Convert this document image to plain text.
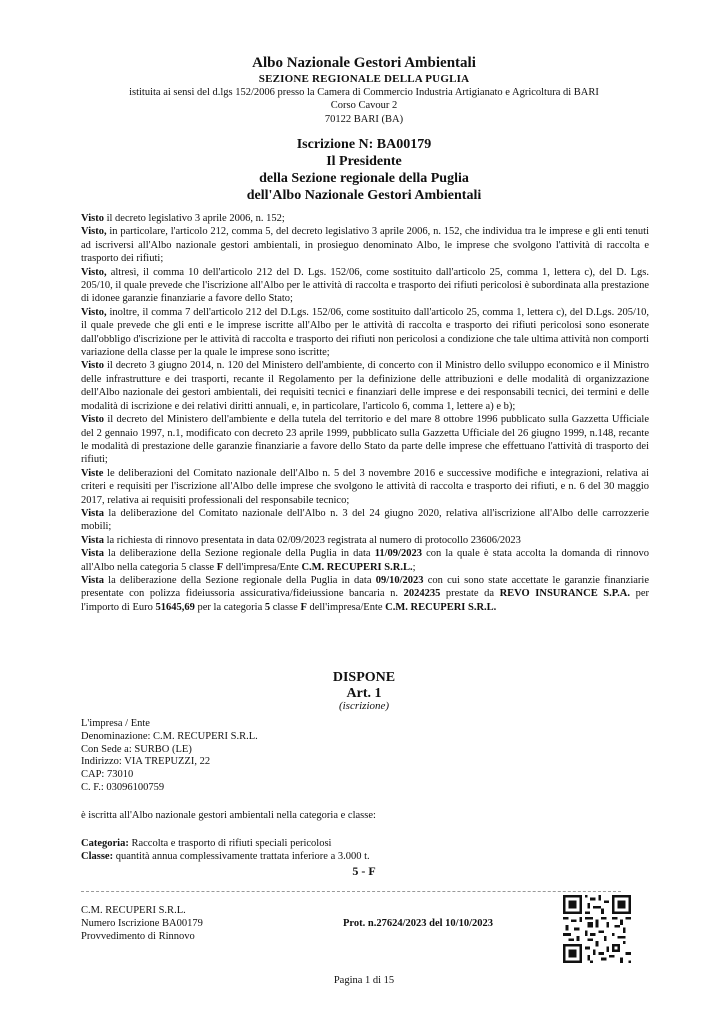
Albo Nazionale Gestori Ambientali
SEZIONE REGIONALE DELLA PUGLIA
istituita ai sensi del d.lgs 152/2006 presso la Camera di Commercio Industria Artigianato e Agricoltura di BARI
Corso Cavour 2
70122 BARI (BA)
Iscrizione N: BA00179
Il Presidente
della Sezione regionale della Puglia
dell'Albo Nazionale Gestori Ambientali

Visto il decreto legislativo 3 aprile 2006, n. 152;

Visto, in particolare, l'articolo 212, comma 5, del decreto legislativo 3 aprile 2006, n. 152, che individua tra le imprese e gli enti tenuti ad iscriversi all'Albo nazionale gestori ambientali, in prosieguo denominato Albo, le imprese che svolgono l'attività di raccolta e trasporto dei rifiuti;

Visto, altresì, il comma 10 dell'articolo 212 del D. Lgs. 152/06, come sostituito dall'articolo 25, comma 1, lettera c), del D. Lgs. 205/10, il quale prevede che l'iscrizione all'Albo per le attività di raccolta e trasporto dei rifiuti pericolosi è subordinata alla prestazione di idonee garanzie finanziarie a favore dello Stato;

Visto, inoltre, il comma 7 dell'articolo 212 del D.Lgs. 152/06, come sostituito dall'articolo 25, comma 1, lettera c), del D.Lgs. 205/10, il quale prevede che gli enti e le imprese iscritte all'Albo per le attività di raccolta e trasporto dei rifiuti pericolosi sono esonerate dall'obbligo d'iscrizione per le attività di raccolta e trasporto dei rifiuti non pericolosi a condizione che tale ultima attività non comporti variazione della classe per la quale le imprese sono iscritte;

Visto il decreto 3 giugno 2014, n. 120 del Ministero dell'ambiente, di concerto con il Ministro dello sviluppo economico e il Ministro delle infrastrutture e dei trasporti, recante il Regolamento per la definizione delle attribuzioni e delle modalità di organizzazione dell'Albo nazionale dei gestori ambientali, dei requisiti tecnici e finanziari delle imprese e dei responsabili tecnici, dei termini e delle modalità di iscrizione e dei relativi diritti annuali, e, in particolare, l'articolo 6, comma 1, lettere a) e b);

Visto il decreto del Ministero dell'ambiente e della tutela del territorio e del mare 8 ottobre 1996 pubblicato sulla Gazzetta Ufficiale del 2 gennaio 1997, n.1, modificato con decreto 23 aprile 1999, pubblicato sulla Gazzetta Ufficiale del 26 giugno 1999, n.148, recante le modalità di prestazione delle garanzie finanziarie a favore dello Stato da parte delle imprese che effettuano l'attività di trasporto dei rifiuti;

Viste le deliberazioni del Comitato nazionale dell'Albo n. 5 del 3 novembre 2016 e successive modifiche e integrazioni, relativa ai criteri e requisiti per l'iscrizione all'Albo delle imprese che svolgono le attività di raccolta e trasporto dei rifiuti, e n. 6 del 30 maggio 2017, relativa ai requisiti professionali del responsabile tecnico;

Vista la deliberazione del Comitato nazionale dell'Albo n. 3 del 24 giugno 2020, relativa all'iscrizione all'Albo delle carrozzerie mobili;

Vista la richiesta di rinnovo presentata in data 02/09/2023 registrata al numero di protocollo 23606/2023

Vista la deliberazione della Sezione regionale della Puglia in data 11/09/2023 con la quale è stata accolta la domanda di rinnovo all'Albo nella categoria 5 classe F dell'impresa/Ente C.M. RECUPERI S.R.L.;

Vista la deliberazione della Sezione regionale della Puglia in data 09/10/2023 con cui sono state accettate le garanzie finanziarie presentate con polizza fideiussoria assicurativa/fideiussione bancaria n. 2024235 prestate da REVO INSURANCE S.P.A. per l'importo di Euro 51645,69 per la categoria 5 classe F dell'impresa/Ente C.M. RECUPERI S.R.L.

DISPONE
Art. 1
(iscrizione)
L'impresa / Ente
Denominazione: C.M. RECUPERI S.R.L.
Con Sede a: SURBO (LE)
Indirizzo: VIA TREPUZZI, 22
CAP: 73010
C. F.: 03096100759
è iscritta all'Albo nazionale gestori ambientali nella categoria e classe:
Categoria: Raccolta e trasporto di rifiuti speciali pericolosi
Classe: quantità annua complessivamente trattata inferiore a 3.000 t.
5 - F
C.M. RECUPERI S.R.L.
Numero Iscrizione BA00179
Provvedimento di Rinnovo
Prot. n.27624/2023 del 10/10/2023
Pagina 1 di 15
